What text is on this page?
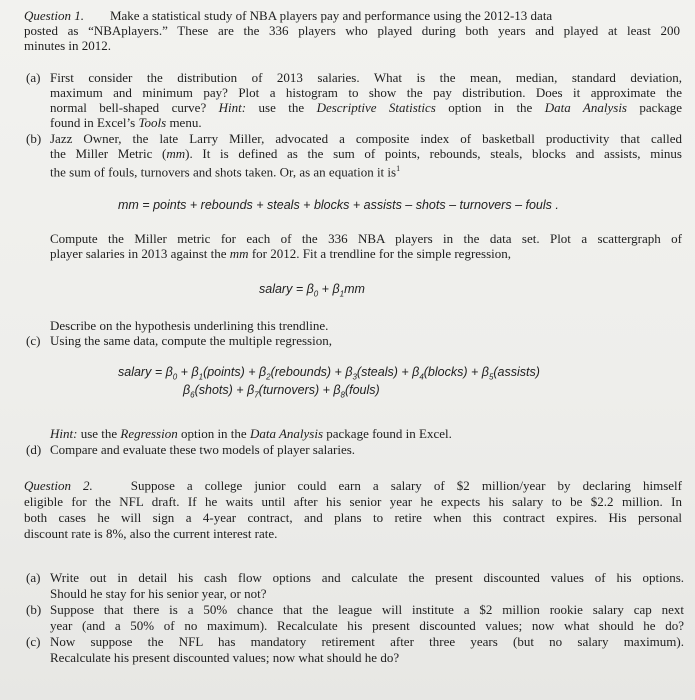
Question 1. Make a statistical study of NBA players pay and performance using the 2012-13 data
posted as “NBAplayers.” These are the 336 players who played during both years and played at least 200
minutes in 2012.
(a) First consider the distribution of 2013 salaries. What is the mean, median, standard deviation,
maximum and minimum pay? Plot a histogram to show the pay distribution. Does it approximate the
normal bell-shaped curve? Hint: use the Descriptive Statistics option in the Data Analysis package
found in Excel’s Tools menu.
(b) Jazz Owner, the late Larry Miller, advocated a composite index of basketball productivity that called
the Miller Metric (mm). It is defined as the sum of points, rebounds, steals, blocks and assists, minus
the sum of fouls, turnovers and shots taken. Or, as an equation it $is^1$
mm = points + rebounds + steals + blocks + assists – shots – turnovers – fouls .
Compute the Miller metric for each of the 336 NBA players in the data set. Plot a scattergraph of
player salaries in 2013 against the mm for 2012. Fit a trendline for the simple regression,
salary = $\beta_0 + \beta_1mm$
Describe on the hypothesis underlining this trendline.
(c) Using the same data, compute the multiple regression,
salary = $\beta_0$ + $\beta_1(points)$ + $\beta_2(rebounds)$ + $\beta_3(steals)$ + $\beta_4(blocks)$ + $\beta_5(assists)$
$\beta_6(shots)$ + $\beta_7(turnovers)$ + $\beta_8(fouls)$
Hint: use the Regression option in the Data Analysis package found in Excel.
(d) Compare and evaluate these two models of player salaries.
Question 2.	Suppose a college junior could earn a salary of $2 million/year by declaring himself
eligible for the NFL draft. If he waits until after his senior year he expects his salary to be $2.2 million. In
both cases he will sign a 4-year contract, and plans to retire when this contract expires. His personal
discount rate is 8%, also the current interest rate.
(a) Write out in detail his cash flow options and calculate the present discounted values of his options.
Should he stay for his senior year, or not?
(b) Suppose that there is a 50% chance that the league will institute a $2 million rookie salary cap next
year (and a 50% of no maximum). Recalculate his present discounted values; now what should he do?
(c) Now suppose the NFL has mandatory retirement after three years (but no salary maximum).
Recalculate his present discounted values; now what should he do?
